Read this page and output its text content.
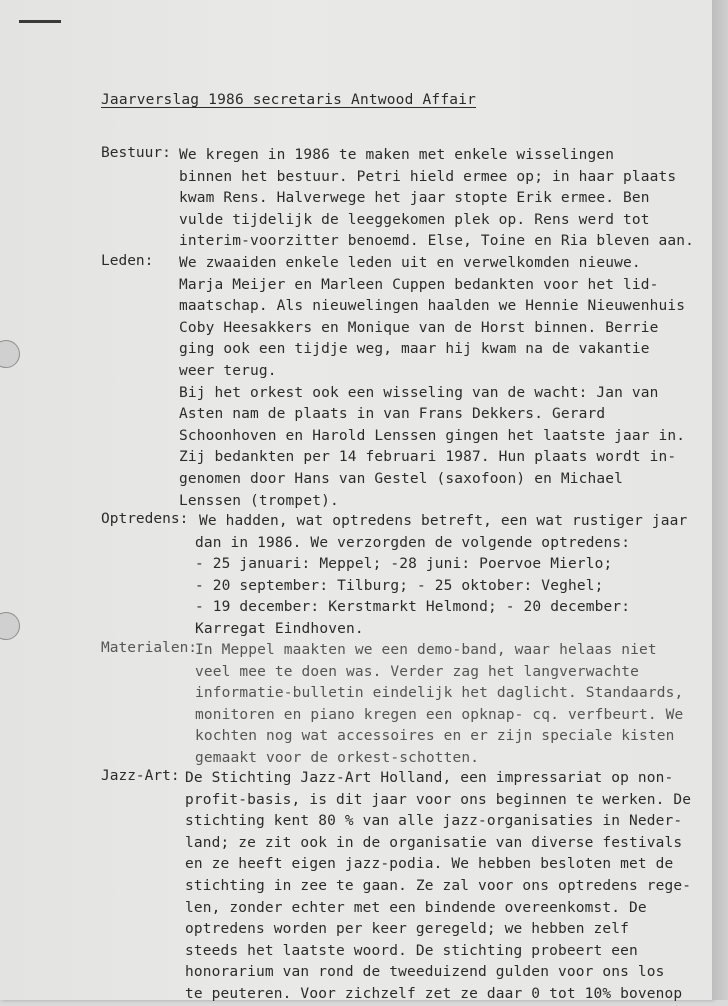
Jaarverslag 1986 secretaris Antwood Affair
Bestuur: We kregen in 1986 te maken met enkele wisselingen
binnen het bestuur. Petri hield ermee op; in haar plaats
kwam Rens. Halverwege het jaar stopte Erik ermee. Ben
vulde tijdelijk de leeggekomen plek op. Rens werd tot
interim-voorzitter benoemd. Else, Toine en Ria bleven aan.
Leden: We zwaaiden enkele leden uit en verwelkomden nieuwe.
Marja Meijer en Marleen Cuppen bedankten voor het lid-
maatschap. Als nieuwelingen haalden we Hennie Nieuwenhuis
Coby Heesakkers en Monique van de Horst binnen. Berrie
ging ook een tijdje weg, maar hij kwam na de vakantie
weer terug.
Bij het orkest ook een wisseling van de wacht: Jan van
Asten nam de plaats in van Frans Dekkers. Gerard
Schoonhoven en Harold Lenssen gingen het laatste jaar in.
Zij bedankten per 14 februari 1987. Hun plaats wordt in-
genomen door Hans van Gestel (saxofoon) en Michael
Lenssen (trompet).
Optredens: We hadden, wat optredens betreft, een wat rustiger jaar
dan in 1986. We verzorgden de volgende optredens:
- 25 januari: Meppel; -28 juni: Poervoe Mierlo;
- 20 september: Tilburg; - 25 oktober: Veghel;
- 19 december: Kerstmarkt Helmond; - 20 december:
Karregat Eindhoven.
Materialen:
In Meppel maakten we een demo-band, waar helaas niet
veel mee te doen was. Verder zag het langverwachte
informatie-bulletin eindelijk het daglicht. Standaards,
monitoren en piano kregen een opknap- cq. verfbeurt. We
kochten nog wat accessoires en er zijn speciale kisten
gemaakt voor de orkest-schotten.
Jazz-Art: De Stichting Jazz-Art Holland, een impressariat op non-
profit-basis, is dit jaar voor ons beginnen te werken. De
stichting kent 80 % van alle jazz-organisaties in Neder-
land; ze zit ook in de organisatie van diverse festivals
en ze heeft eigen jazz-podia. We hebben besloten met de
stichting in zee te gaan. Ze zal voor ons optredens rege-
len, zonder echter met een bindende overeenkomst. De
optredens worden per keer geregeld; we hebben zelf
steeds het laatste woord. De stichting probeert een
honorarium van rond de tweeduizend gulden voor ons los
te peuteren. Voor zichzelf zet ze daar 0 tot 10% bovenop
